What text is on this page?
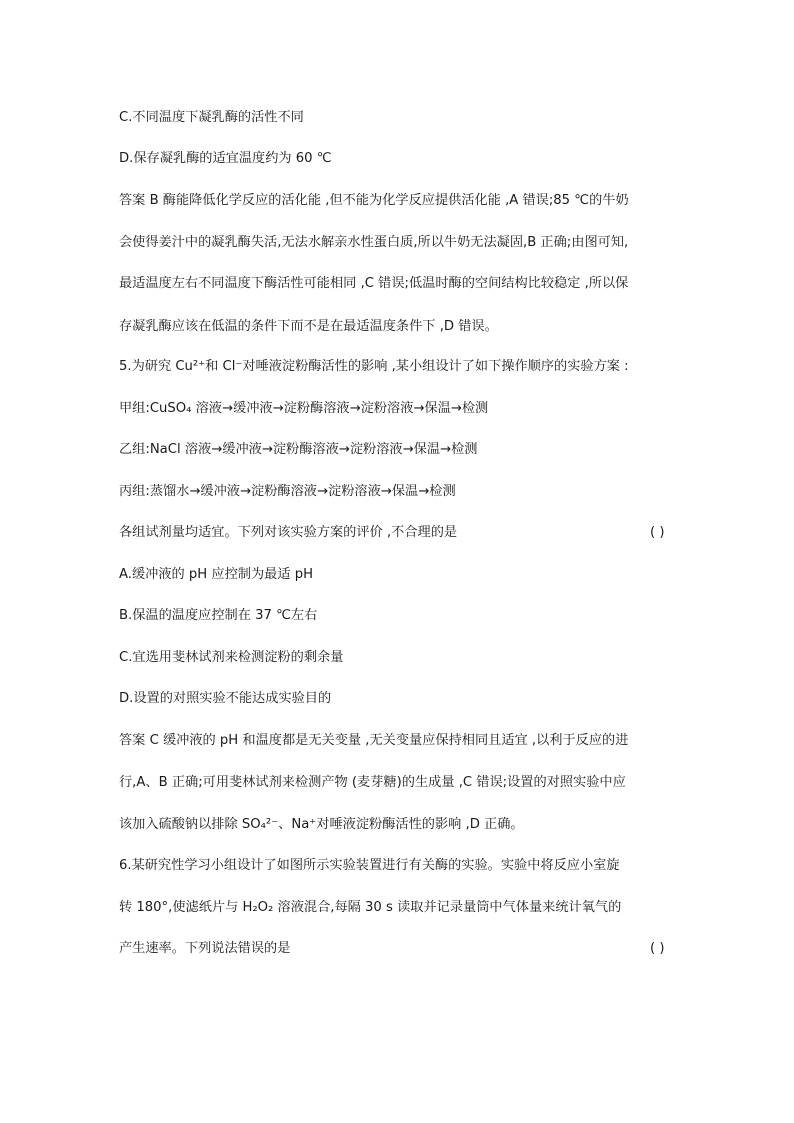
C.不同温度下凝乳酶的活性不同
D.保存凝乳酶的适宜温度约为 60 ℃
答案 B 酶能降低化学反应的活化能 ,但不能为化学反应提供活化能 ,A 错误;85 ℃的牛奶
会使得姜汁中的凝乳酶失活,无法水解亲水性蛋白质,所以牛奶无法凝固,B 正确;由图可知,
最适温度左右不同温度下酶活性可能相同 ,C 错误;低温时酶的空间结构比较稳定 ,所以保
存凝乳酶应该在低温的条件下而不是在最适温度条件下 ,D 错误。
5.为研究 Cu²⁺和 Cl⁻对唾液淀粉酶活性的影响 ,某小组设计了如下操作顺序的实验方案 :
甲组:CuSO₄ 溶液→缓冲液→淀粉酶溶液→淀粉溶液→保温→检测
乙组:NaCl 溶液→缓冲液→淀粉酶溶液→淀粉溶液→保温→检测
丙组:蒸馏水→缓冲液→淀粉酶溶液→淀粉溶液→保温→检测
各组试剂量均适宜。下列对该实验方案的评价 ,不合理的是	( )
A.缓冲液的 pH 应控制为最适 pH
B.保温的温度应控制在 37 ℃左右
C.宜选用斐林试剂来检测淀粉的剩余量
D.设置的对照实验不能达成实验目的
答案 C 缓冲液的 pH 和温度都是无关变量 ,无关变量应保持相同且适宜 ,以利于反应的进
行,A、B 正确;可用斐林试剂来检测产物 (麦芽糖)的生成量 ,C 错误;设置的对照实验中应
该加入硫酸钠以排除 SO₄²⁻、Na⁺对唾液淀粉酶活性的影响 ,D 正确。
6.某研究性学习小组设计了如图所示实验装置进行有关酶的实验。实验中将反应小室旋
转 180°,使滤纸片与 H₂O₂ 溶液混合,每隔 30 s 读取并记录量筒中气体量来统计氧气的
产生速率。下列说法错误的是	( )
